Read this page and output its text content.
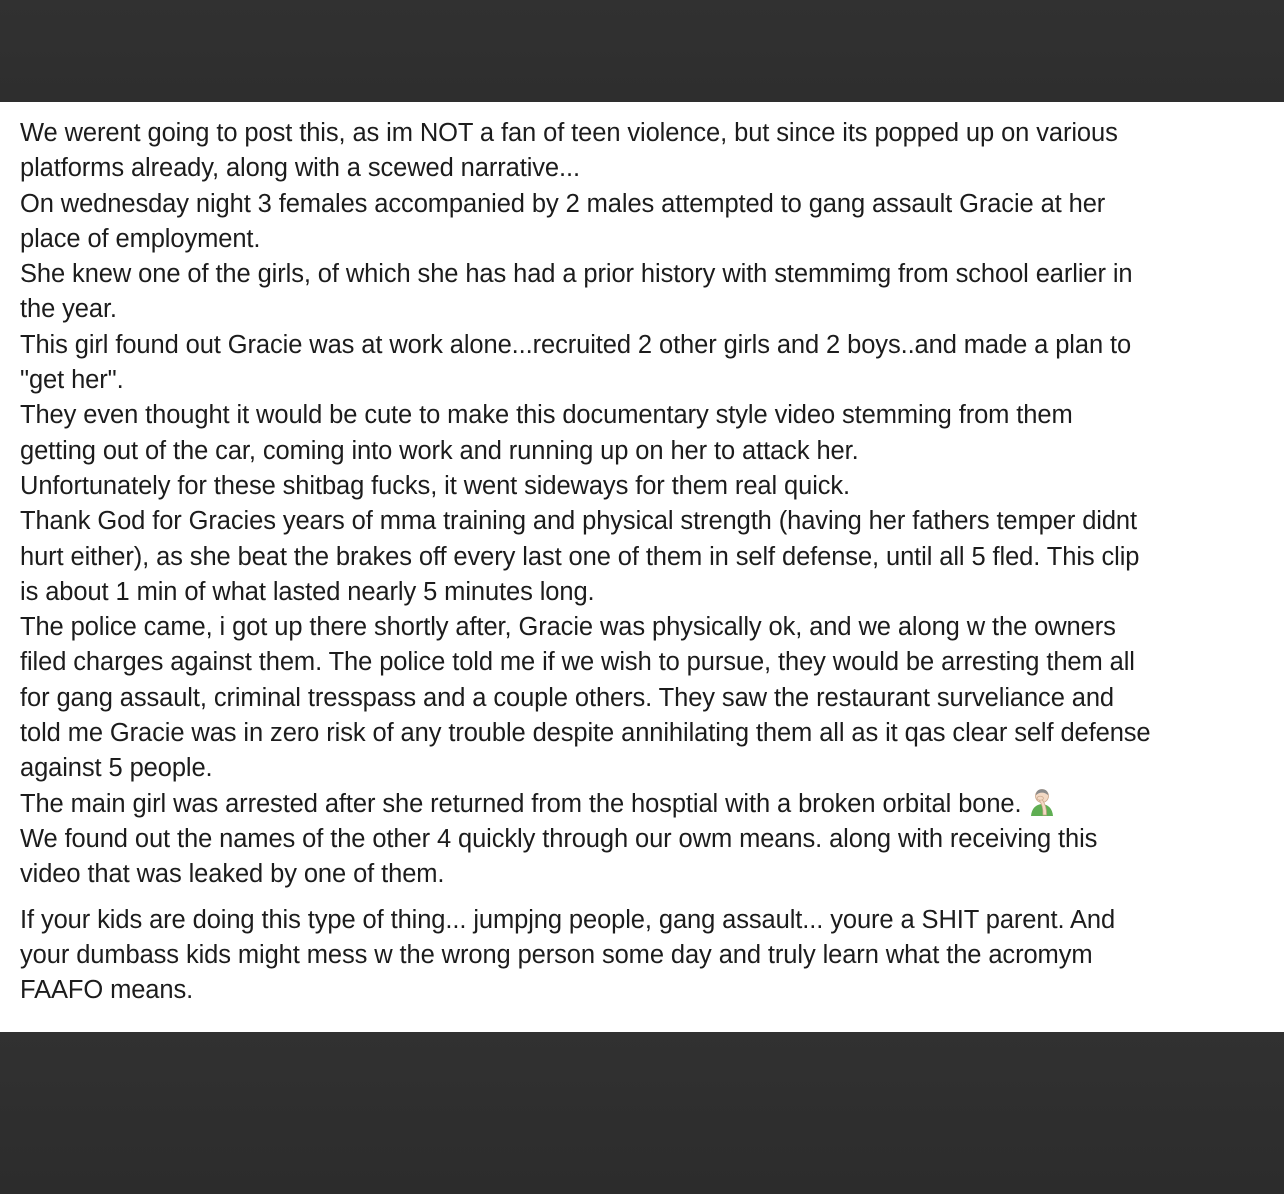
We werent going to post this, as im NOT a fan of teen violence, but since its popped up on various
platforms already, along with a scewed narrative...
On wednesday night 3 females accompanied by 2 males attempted to gang assault Gracie at her
place of employment.
She knew one of the girls, of which she has had a prior history with stemmimg from school earlier in
the year.
This girl found out Gracie was at work alone...recruited 2 other girls and 2 boys..and made a plan to
"get her".
They even thought it would be cute to make this documentary style video stemming from them
getting out of the car, coming into work and running up on her to attack her.
Unfortunately for these shitbag fucks, it went sideways for them real quick.
Thank God for Gracies years of mma training and physical strength (having her fathers temper didnt
hurt either), as she beat the brakes off every last one of them in self defense, until all 5 fled. This clip
is about 1 min of what lasted nearly 5 minutes long.
The police came, i got up there shortly after, Gracie was physically ok, and we along w the owners
filed charges against them. The police told me if we wish to pursue, they would be arresting them all
for gang assault, criminal tresspass and a couple others. They saw the restaurant surveliance and
told me Gracie was in zero risk of any trouble despite annihilating them all as it qas clear self defense
against 5 people.
The main girl was arrested after she returned from the hosptial with a broken orbital bone.
We found out the names of the other 4 quickly through our owm means. along with receiving this
video that was leaked by one of them.
If your kids are doing this type of thing... jumpjng people, gang assault... youre a SHIT parent. And
your dumbass kids might mess w the wrong person some day and truly learn what the acromym
FAAFO means.
